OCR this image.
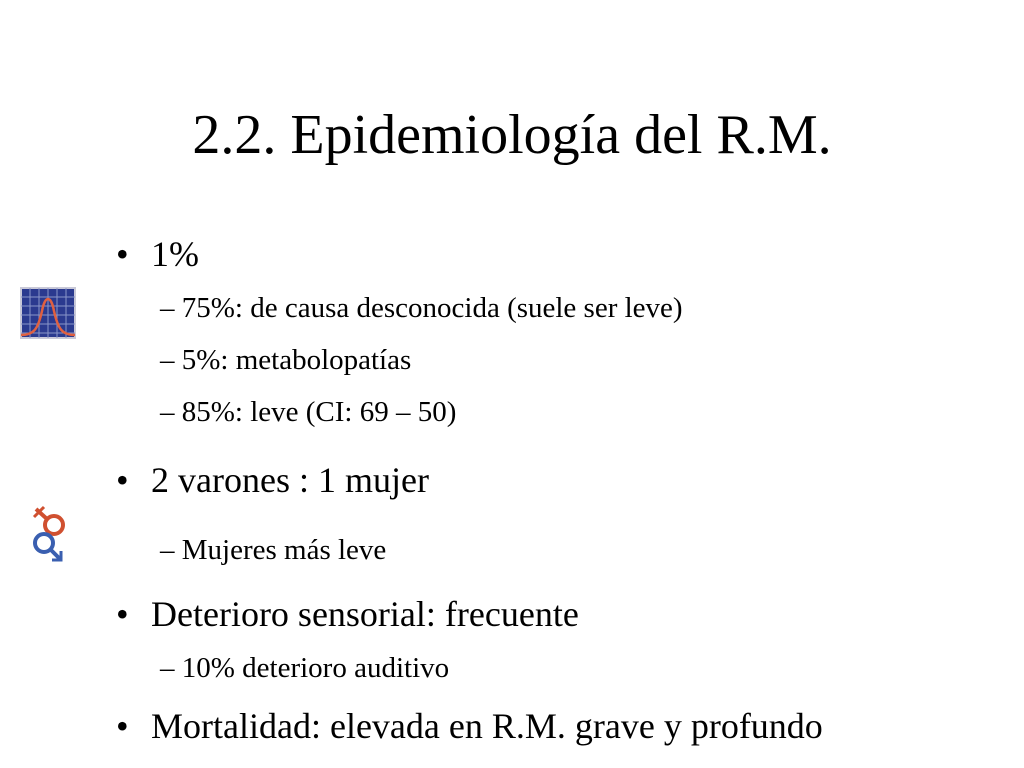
2.2. Epidemiología del R.M.
• 1%
– 75%: de causa desconocida (suele ser leve)
– 5%: metabolopatías
– 85%: leve (CI: 69 – 50)
• 2 varones : 1 mujer
– Mujeres más leve
• Deterioro sensorial: frecuente
– 10% deterioro auditivo
• Mortalidad: elevada en R.M. grave y profundo
